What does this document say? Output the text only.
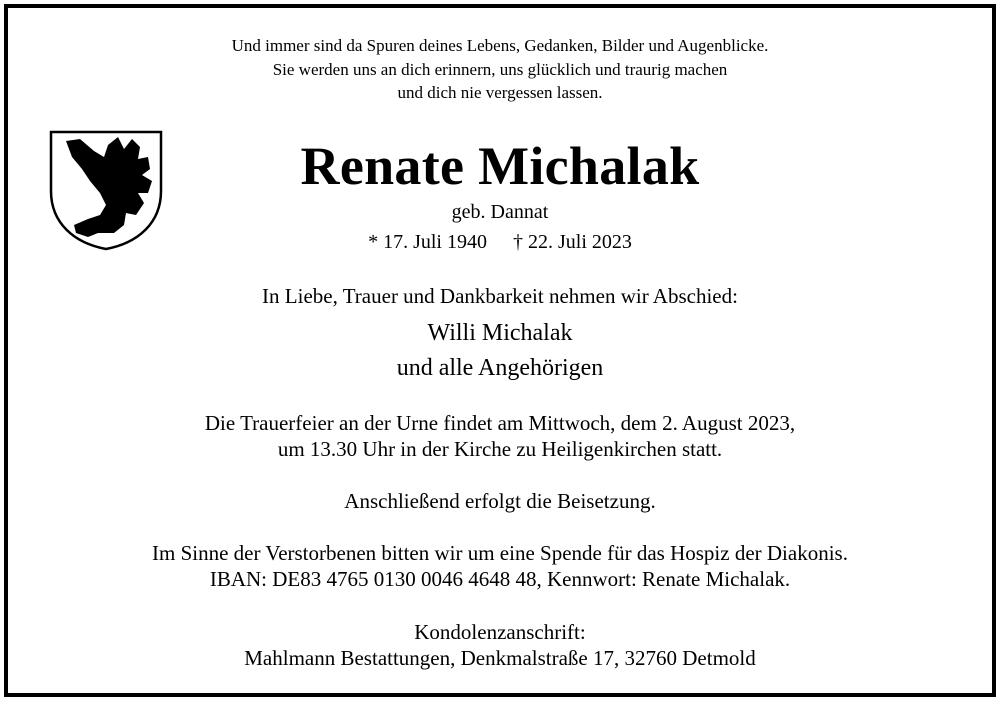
Und immer sind da Spuren deines Lebens, Gedanken, Bilder und Augenblicke.
Sie werden uns an dich erinnern, uns glücklich und traurig machen
und dich nie vergessen lassen.
Renate Michalak
geb. Dannat
* 17. Juli 1940 † 22. Juli 2023
In Liebe, Trauer und Dankbarkeit nehmen wir Abschied:
Willi Michalak
und alle Angehörigen
Die Trauerfeier an der Urne findet am Mittwoch, dem 2. August 2023,
um 13.30 Uhr in der Kirche zu Heiligenkirchen statt.
Anschließend erfolgt die Beisetzung.
Im Sinne der Verstorbenen bitten wir um eine Spende für das Hospiz der Diakonis.
IBAN: DE83 4765 0130 0046 4648 48, Kennwort: Renate Michalak.
Kondolenzanschrift:
Mahlmann Bestattungen, Denkmalstraße 17, 32760 Detmold
